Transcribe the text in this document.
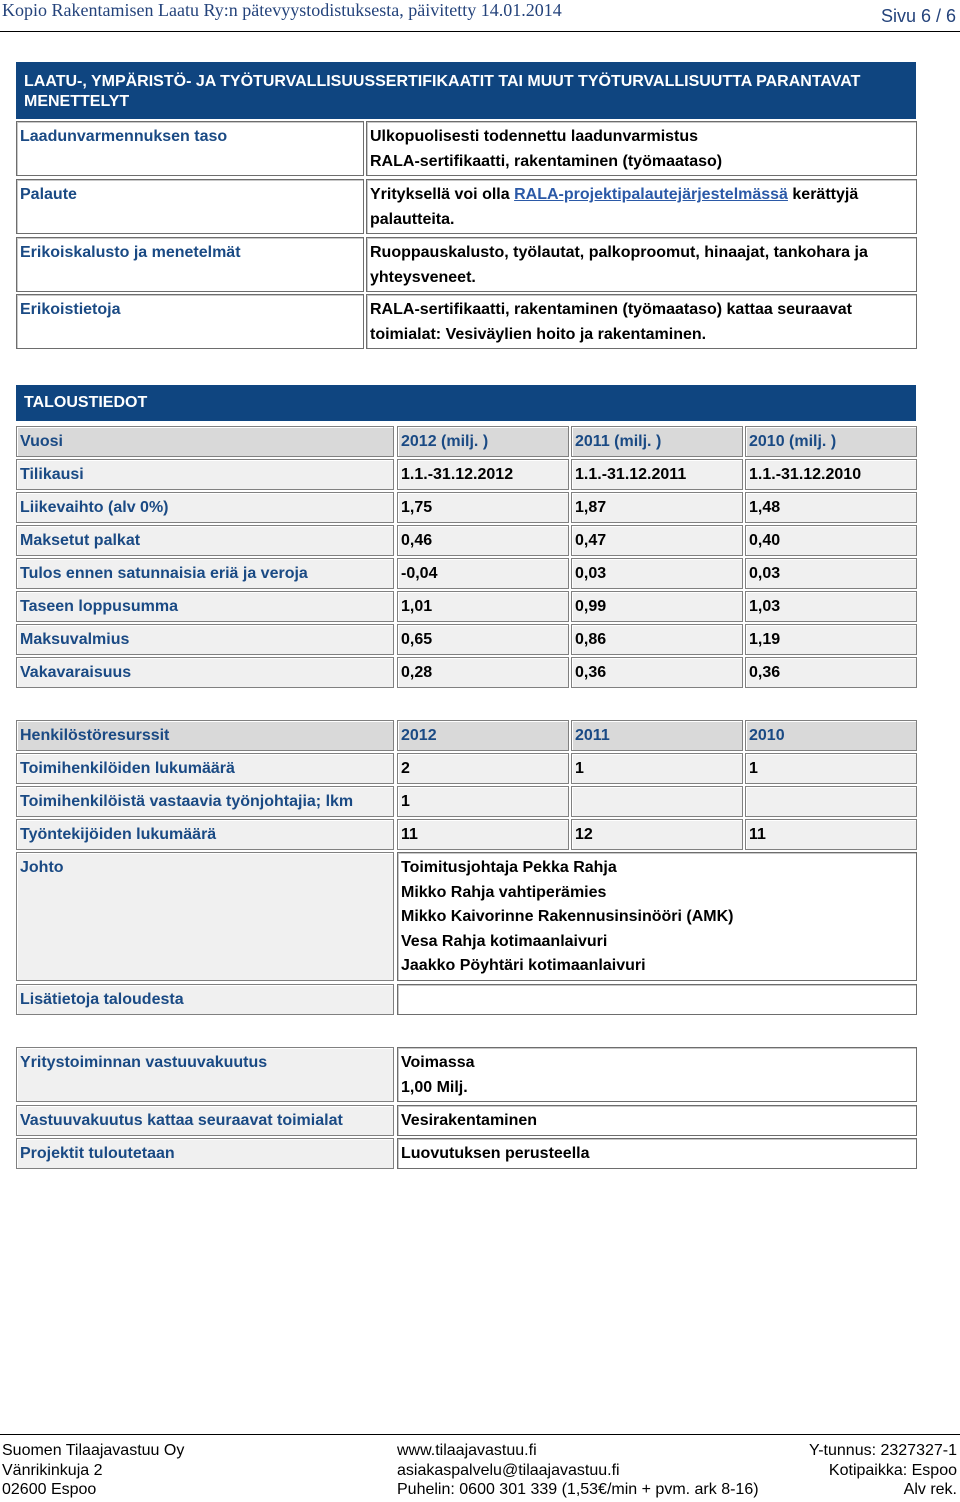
Kopio Rakentamisen Laatu Ry:n pätevyystodistuksesta, päivitetty 14.01.2014	Sivu 6 / 6
LAATU-, YMPÄRISTÖ- JA TYÖTURVALLISUUSSERTIFIKAATIT TAI MUUT TYÖTURVALLISUUTTA PARANTAVAT MENETTELYT
Laadunvarmennuksen taso	Ulkopuolisesti todennettu laadunvarmistus
RALA-sertifikaatti, rakentaminen (työmaataso)
Palaute	Yrityksellä voi olla RALA-projektipalautejärjestelmässä kerättyjä palautteita.
Erikoiskalusto ja menetelmät	Ruoppauskalusto, työlautat, palkoproomut, hinaajat, tankohara ja yhteysveneet.
Erikoistietoja	RALA-sertifikaatti, rakentaminen (työmaataso) kattaa seuraavat toimialat: Vesiväylien hoito ja rakentaminen.
TALOUSTIEDOT
Vuosi	2012 (milj. )	2011 (milj. )	2010 (milj. )
Tilikausi	1.1.-31.12.2012	1.1.-31.12.2011	1.1.-31.12.2010
Liikevaihto (alv 0%)	1,75	1,87	1,48
Maksetut palkat	0,46	0,47	0,40
Tulos ennen satunnaisia eriä ja veroja	-0,04	0,03	0,03
Taseen loppusumma	1,01	0,99	1,03
Maksuvalmius	0,65	0,86	1,19
Vakavaraisuus	0,28	0,36	0,36
Henkilöstöresurssit	2012	2011	2010
Toimihenkilöiden lukumäärä	2	1	1
Toimihenkilöistä vastaavia työnjohtajia; lkm	1
Työntekijöiden lukumäärä	11	12	11
Johto	Toimitusjohtaja Pekka Rahja
Mikko Rahja vahtiperämies
Mikko Kaivorinne Rakennusinsinööri (AMK)
Vesa Rahja kotimaanlaivuri
Jaakko Pöyhtäri kotimaanlaivuri
Lisätietoja taloudesta
Yritystoiminnan vastuuvakuutus	Voimassa
1,00 Milj.
Vastuuvakuutus kattaa seuraavat toimialat	Vesirakentaminen
Projektit tuloutetaan	Luovutuksen perusteella
Suomen Tilaajavastuu Oy
Vänrikinkuja 2
02600 Espoo
www.tilaajavastuu.fi
asiakaspalvelu@tilaajavastuu.fi
Puhelin: 0600 301 339 (1,53€/min + pvm. ark 8-16)
Y-tunnus: 2327327-1
Kotipaikka: Espoo
Alv rek.
